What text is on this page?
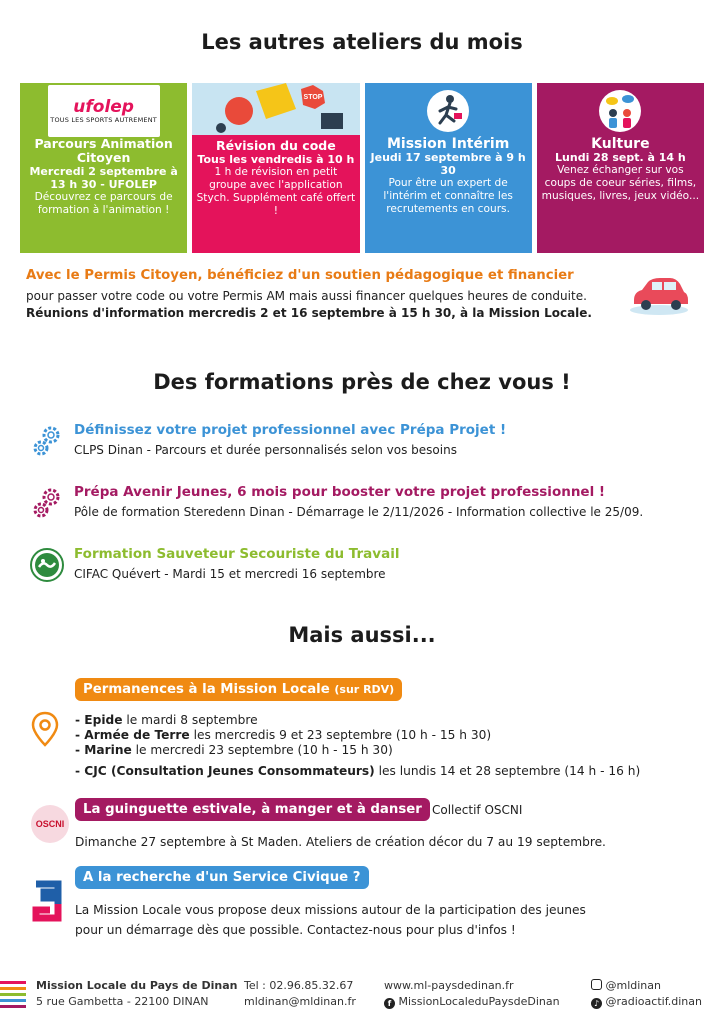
Les autres ateliers du mois
ufolep
TOUS LES SPORTS AUTREMENT
Parcours Animation Citoyen
Mercredi 2 septembre à 13 h 30 - UFOLEP
Découvrez ce parcours de formation à l'animation !
STOP
Révision du code
Tous les vendredis à 10 h
1 h de révision en petit groupe avec l'application Stych. Supplément café offert !
Mission Intérim
Jeudi 17 septembre à 9 h 30
Pour être un expert de l'intérim et connaître les recrutements en cours.
Kulture
Lundi 28 sept. à 14 h
Venez échanger sur vos coups de coeur séries, films, musiques, livres, jeux vidéo...
Avec le Permis Citoyen, bénéficiez d'un soutien pédagogique et financier
pour passer votre code ou votre Permis AM mais aussi financer quelques heures de conduite.
Réunions d'information mercredis 2 et 16 septembre à 15 h 30, à la Mission Locale.
Des formations près de chez vous !
Définissez votre projet professionnel avec Prépa Projet !
CLPS Dinan - Parcours et durée personnalisés selon vos besoins
Prépa Avenir Jeunes, 6 mois pour booster votre projet professionnel !
Pôle de formation Steredenn Dinan - Démarrage le 2/11/2026 - Information collective le 25/09.
Formation Sauveteur Secouriste du Travail
CIFAC Quévert - Mardi 15 et mercredi 16 septembre
Mais aussi...
Permanences à la Mission Locale (sur RDV)
- Epide le mardi 8 septembre
- Armée de Terre les mercredis 9 et 23 septembre (10 h - 15 h 30)
- Marine le mercredi 23 septembre (10 h - 15 h 30)
- CJC (Consultation Jeunes Consommateurs) les lundis 14 et 28 septembre (14 h - 16 h)
OSCNI
La guinguette estivale, à manger et à danser Collectif OSCNI
Dimanche 27 septembre à St Maden. Ateliers de création décor du 7 au 19 septembre.
A la recherche d'un Service Civique ?
La Mission Locale vous propose deux missions autour de la participation des jeunes
pour un démarrage dès que possible. Contactez-nous pour plus d'infos !
Mission Locale du Pays de Dinan
5 rue Gambetta - 22100 DINAN
Tel : 02.96.85.32.67
mldinan@mldinan.fr
www.ml-paysdedinan.fr
f MissionLocaleduPaysdeDinan
@mldinan
♪ @radioactif.dinan
